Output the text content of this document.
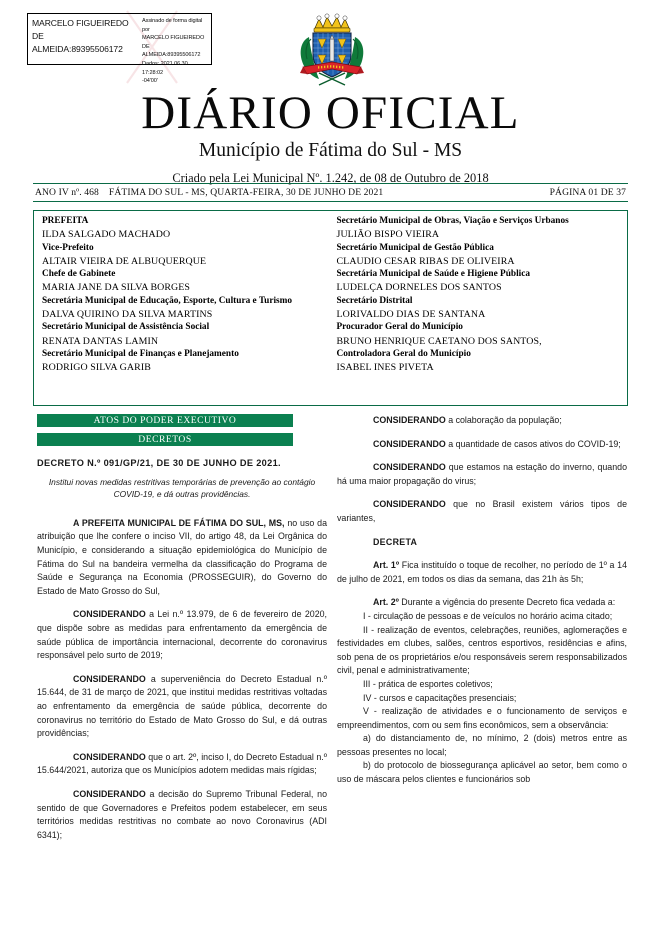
MARCELO FIGUEIREDO
DE
ALMEIDA:89395506172
Assinado de forma digital por
MARCELO FIGUEIREDO DE
ALMEIDA:89395506172
Dados: 2021.06.30 17:28:02
-04'00'
DIÁRIO OFICIAL
Município de Fátima do Sul - MS
Criado pela Lei Municipal Nº. 1.242, de 08 de Outubro de 2018
ANO IV nº. 468 FÁTIMA DO SUL - MS, QUARTA-FEIRA, 30 DE JUNHO DE 2021	PÁGINA 01 DE 37
PREFEITA
ILDA SALGADO MACHADO
Vice-Prefeito
ALTAIR VIEIRA DE ALBUQUERQUE
Chefe de Gabinete
MARIA JANE DA SILVA BORGES
Secretária Municipal de Educação, Esporte, Cultura e Turismo
DALVA QUIRINO DA SILVA MARTINS
Secretário Municipal de Assistência Social
RENATA DANTAS LAMIN
Secretário Municipal de Finanças e Planejamento
RODRIGO SILVA GARIB
Secretário Municipal de Obras, Viação e Serviços Urbanos
JULIÃO BISPO VIEIRA
Secretário Municipal de Gestão Pública
CLAUDIO CESAR RIBAS DE OLIVEIRA
Secretária Municipal de Saúde e Higiene Pública
LUDELÇA DORNELES DOS SANTOS
Secretário Distrital
LORIVALDO DIAS DE SANTANA
Procurador Geral do Município
BRUNO HENRIQUE CAETANO DOS SANTOS,
Controladora Geral do Município
ISABEL INES PIVETA
ATOS DO PODER EXECUTIVO
DECRETOS
DECRETO N.º 091/GP/21, DE 30 DE JUNHO DE 2021.
Institui novas medidas restritivas temporárias de prevenção ao contágio COVID-19, e dá outras providências.

A PREFEITA MUNICIPAL DE FÁTIMA DO SUL, MS, no uso da atribuição que lhe confere o inciso VII, do artigo 48, da Lei Orgânica do Município, e considerando a situação epidemiológica do Município de Fátima do Sul na bandeira vermelha da classificação do Programa de Saúde e Segurança na Economia (PROSSEGUIR), do Governo do Estado de Mato Grosso do Sul,

CONSIDERANDO a Lei n.º 13.979, de 6 de fevereiro de 2020, que dispõe sobre as medidas para enfrentamento da emergência de saúde pública de importância internacional, decorrente do coronavirus responsável pelo surto de 2019;

CONSIDERANDO a superveniência do Decreto Estadual n.º 15.644, de 31 de março de 2021, que institui medidas restritivas voltadas ao enfrentamento da emergência de saúde pública, decorrente do coronavirus no território do Estado de Mato Grosso do Sul, e dá outras providências;

CONSIDERANDO que o art. 2º, inciso I, do Decreto Estadual n.º 15.644/2021, autoriza que os Municípios adotem medidas mais rígidas;

CONSIDERANDO a decisão do Supremo Tribunal Federal, no sentido de que Governadores e Prefeitos podem estabelecer, em seus territórios medidas restritivas no combate ao novo Coronavirus (ADI 6341);

CONSIDERANDO a colaboração da população;

CONSIDERANDO a quantidade de casos ativos do COVID-19;

CONSIDERANDO que estamos na estação do inverno, quando há uma maior propagação do virus;

CONSIDERANDO que no Brasil existem vários tipos de variantes,

DECRETA

Art. 1º Fica instituído o toque de recolher, no período de 1º a 14 de julho de 2021, em todos os dias da semana, das 21h às 5h;

Art. 2º Durante a vigência do presente Decreto fica vedada a:

I - circulação de pessoas e de veículos no horário acima citado;

II - realização de eventos, celebrações, reuniões, aglomerações e festividades em clubes, salões, centros esportivos, residências e afins, sob pena de os proprietários e/ou responsáveis serem responsabilizados civil, penal e administrativamente;

III - prática de esportes coletivos;

IV - cursos e capacitações presenciais;

V - realização de atividades e o funcionamento de serviços e empreendimentos, com ou sem fins econômicos, sem a observância:

a) do distanciamento de, no mínimo, 2 (dois) metros entre as pessoas presentes no local;

b) do protocolo de biossegurança aplicável ao setor, bem como o uso de máscara pelos clientes e funcionários sob
